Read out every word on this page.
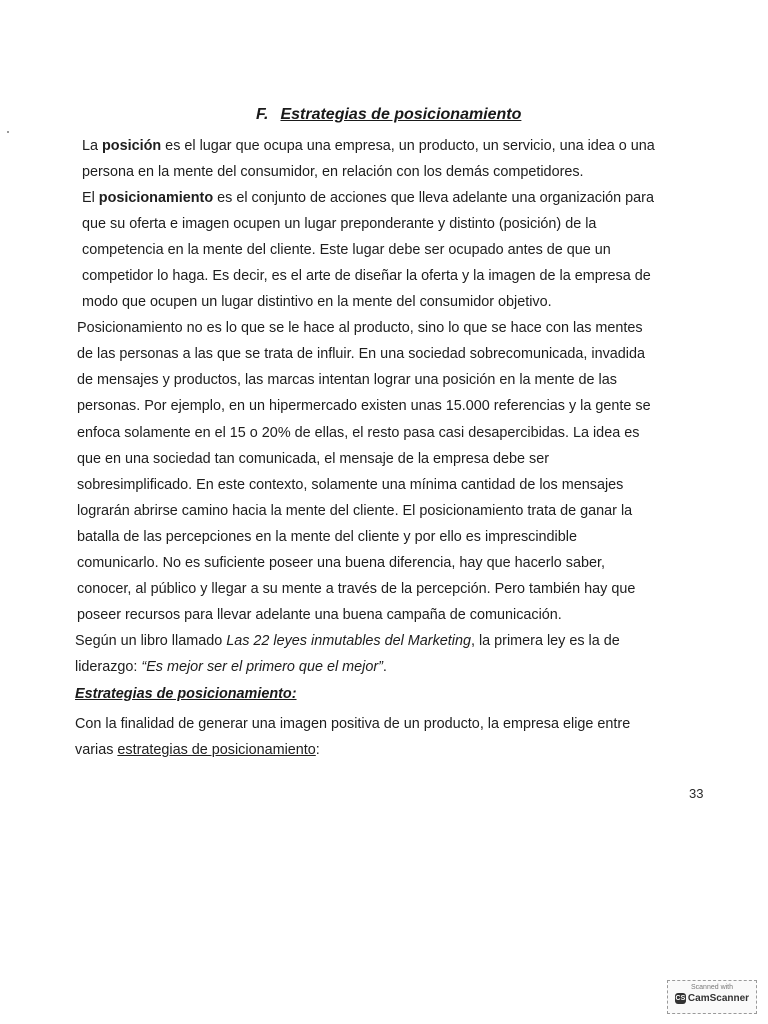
F. Estrategias de posicionamiento
La posición es el lugar que ocupa una empresa, un producto, un servicio, una idea o una
persona en la mente del consumidor, en relación con los demás competidores.
El posicionamiento es el conjunto de acciones que lleva adelante una organización para
que su oferta e imagen ocupen un lugar preponderante y distinto (posición) de la
competencia en la mente del cliente. Este lugar debe ser ocupado antes de que un
competidor lo haga. Es decir, es el arte de diseñar la oferta y la imagen de la empresa de
modo que ocupen un lugar distintivo en la mente del consumidor objetivo.
Posicionamiento no es lo que se le hace al producto, sino lo que se hace con las mentes
de las personas a las que se trata de influir. En una sociedad sobrecomunicada, invadida
de mensajes y productos, las marcas intentan lograr una posición en la mente de las
personas. Por ejemplo, en un hipermercado existen unas 15.000 referencias y la gente se
enfoca solamente en el 15 o 20% de ellas, el resto pasa casi desapercibidas. La idea es
que en una sociedad tan comunicada, el mensaje de la empresa debe ser
sobresimplificado. En este contexto, solamente una mínima cantidad de los mensajes
lograrán abrirse camino hacia la mente del cliente. El posicionamiento trata de ganar la
batalla de las percepciones en la mente del cliente y por ello es imprescindible
comunicarlo. No es suficiente poseer una buena diferencia, hay que hacerlo saber,
conocer, al público y llegar a su mente a través de la percepción. Pero también hay que
poseer recursos para llevar adelante una buena campaña de comunicación.
Según un libro llamado Las 22 leyes inmutables del Marketing, la primera ley es la de
liderazgo: “Es mejor ser el primero que el mejor”.
Estrategias de posicionamiento:
Con la finalidad de generar una imagen positiva de un producto, la empresa elige entre
varias estrategias de posicionamiento:
33
Scanned with
CS CamScanner
